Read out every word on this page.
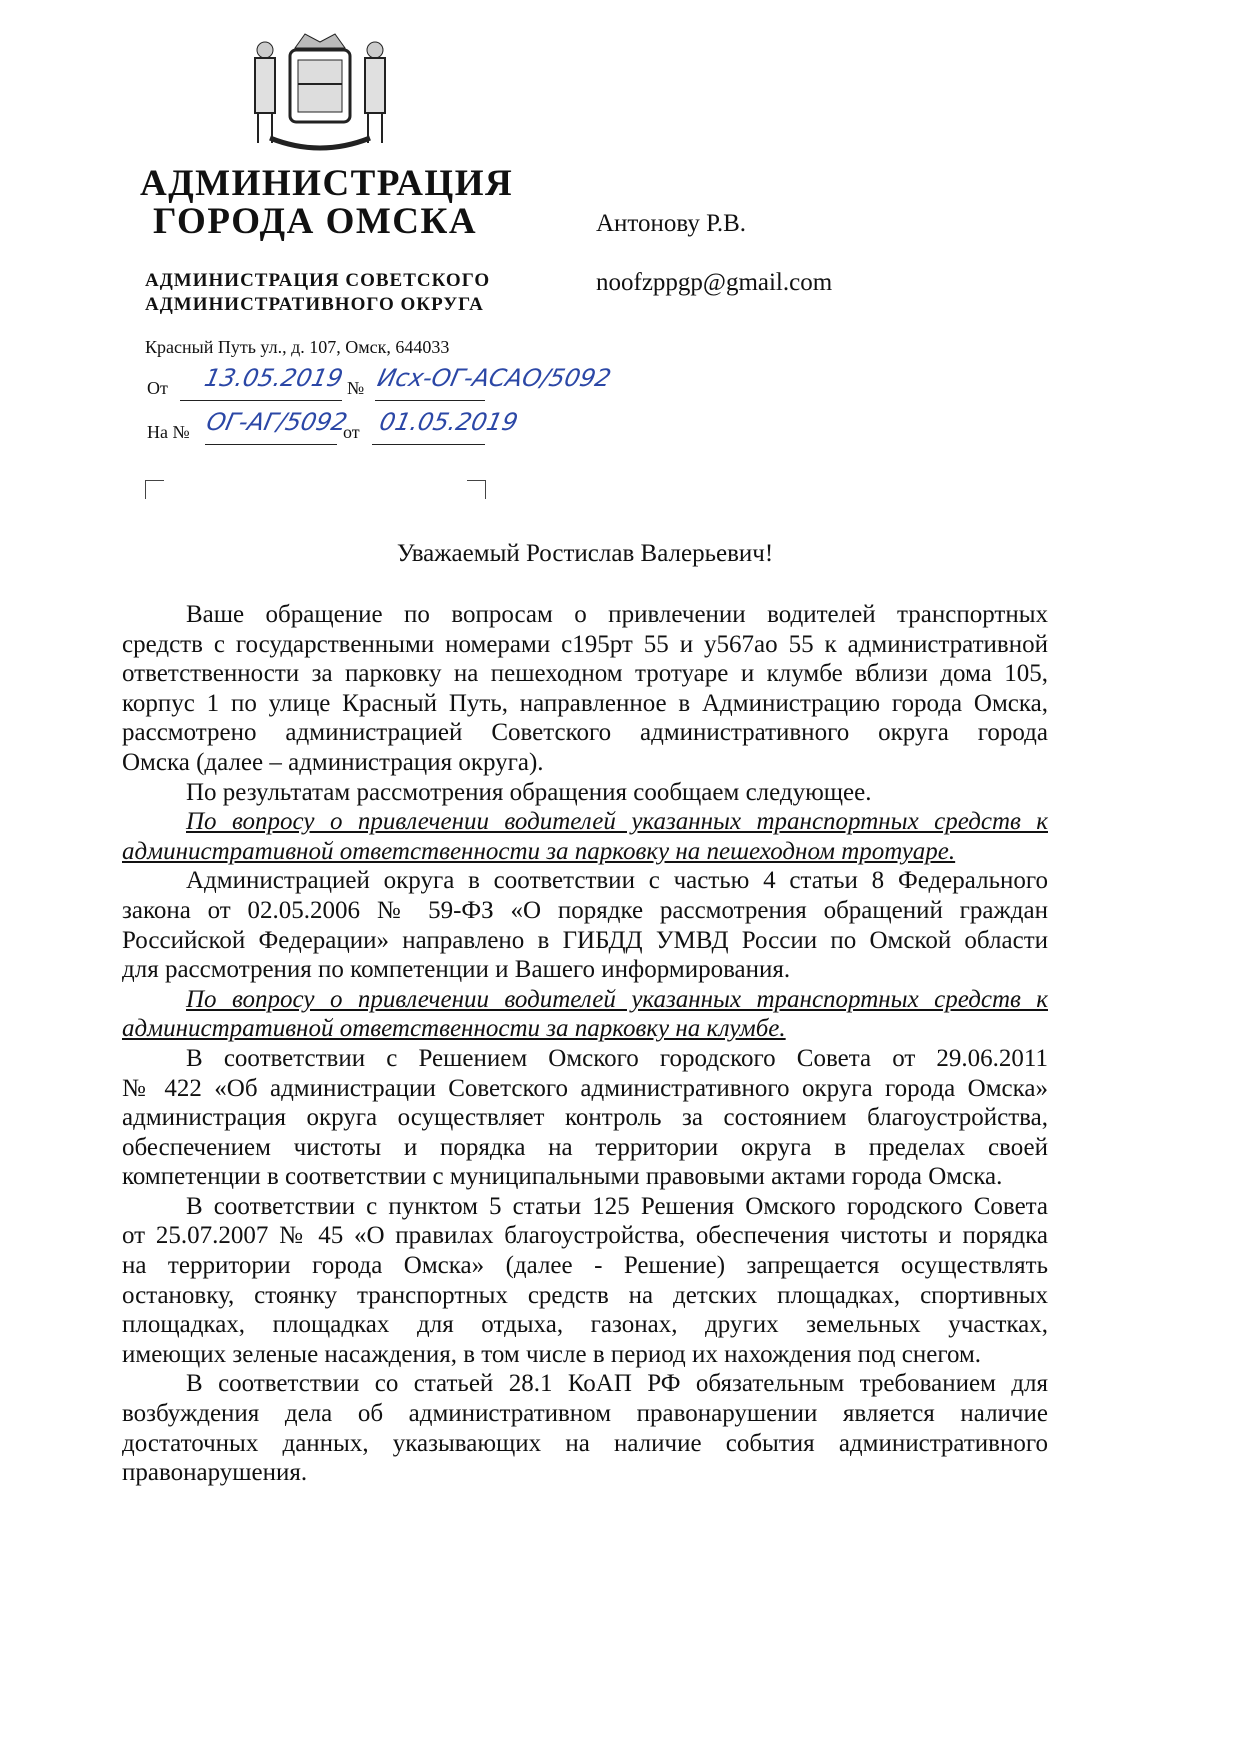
АДМИНИСТРАЦИЯ
ГОРОДА ОМСКА
АДМИНИСТРАЦИЯ СОВЕТСКОГО
АДМИНИСТРАТИВНОГО ОКРУГА
Красный Путь ул., д. 107, Омск, 644033
От 13.05.2019 № Исх-ОГ-АСАО/5092
На № ОГ-АГ/5092
от 01.05.2019
Антонову Р.В.
noofzppgp@gmail.com
Уважаемый Ростислав Валерьевич!
Ваше обращение по вопросам о привлечении водителей транспортных
средств с государственными номерами с195рт 55 и у567ао 55 к административной
ответственности за парковку на пешеходном тротуаре и клумбе вблизи дома 105,
корпус 1 по улице Красный Путь, направленное в Администрацию города Омска,
рассмотрено администрацией Советского административного округа города
Омска (далее – администрация округа).
По результатам рассмотрения обращения сообщаем следующее.
По вопросу о привлечении водителей указанных транспортных средств к
административной ответственности за парковку на пешеходном тротуаре.
Администрацией округа в соответствии с частью 4 статьи 8 Федерального
закона от 02.05.2006 № 59-ФЗ «О порядке рассмотрения обращений граждан
Российской Федерации» направлено в ГИБДД УМВД России по Омской области
для рассмотрения по компетенции и Вашего информирования.
По вопросу о привлечении водителей указанных транспортных средств к
административной ответственности за парковку на клумбе.
В соответствии с Решением Омского городского Совета от 29.06.2011
№ 422 «Об администрации Советского административного округа города Омска»
администрация округа осуществляет контроль за состоянием благоустройства,
обеспечением чистоты и порядка на территории округа в пределах своей
компетенции в соответствии с муниципальными правовыми актами города Омска.
В соответствии с пунктом 5 статьи 125 Решения Омского городского Совета
от 25.07.2007 № 45 «О правилах благоустройства, обеспечения чистоты и порядка
на территории города Омска» (далее - Решение) запрещается осуществлять
остановку, стоянку транспортных средств на детских площадках, спортивных
площадках, площадках для отдыха, газонах, других земельных участках,
имеющих зеленые насаждения, в том числе в период их нахождения под снегом.
В соответствии со статьей 28.1 КоАП РФ обязательным требованием для
возбуждения дела об административном правонарушении является наличие
достаточных данных, указывающих на наличие события административного
правонарушения.
